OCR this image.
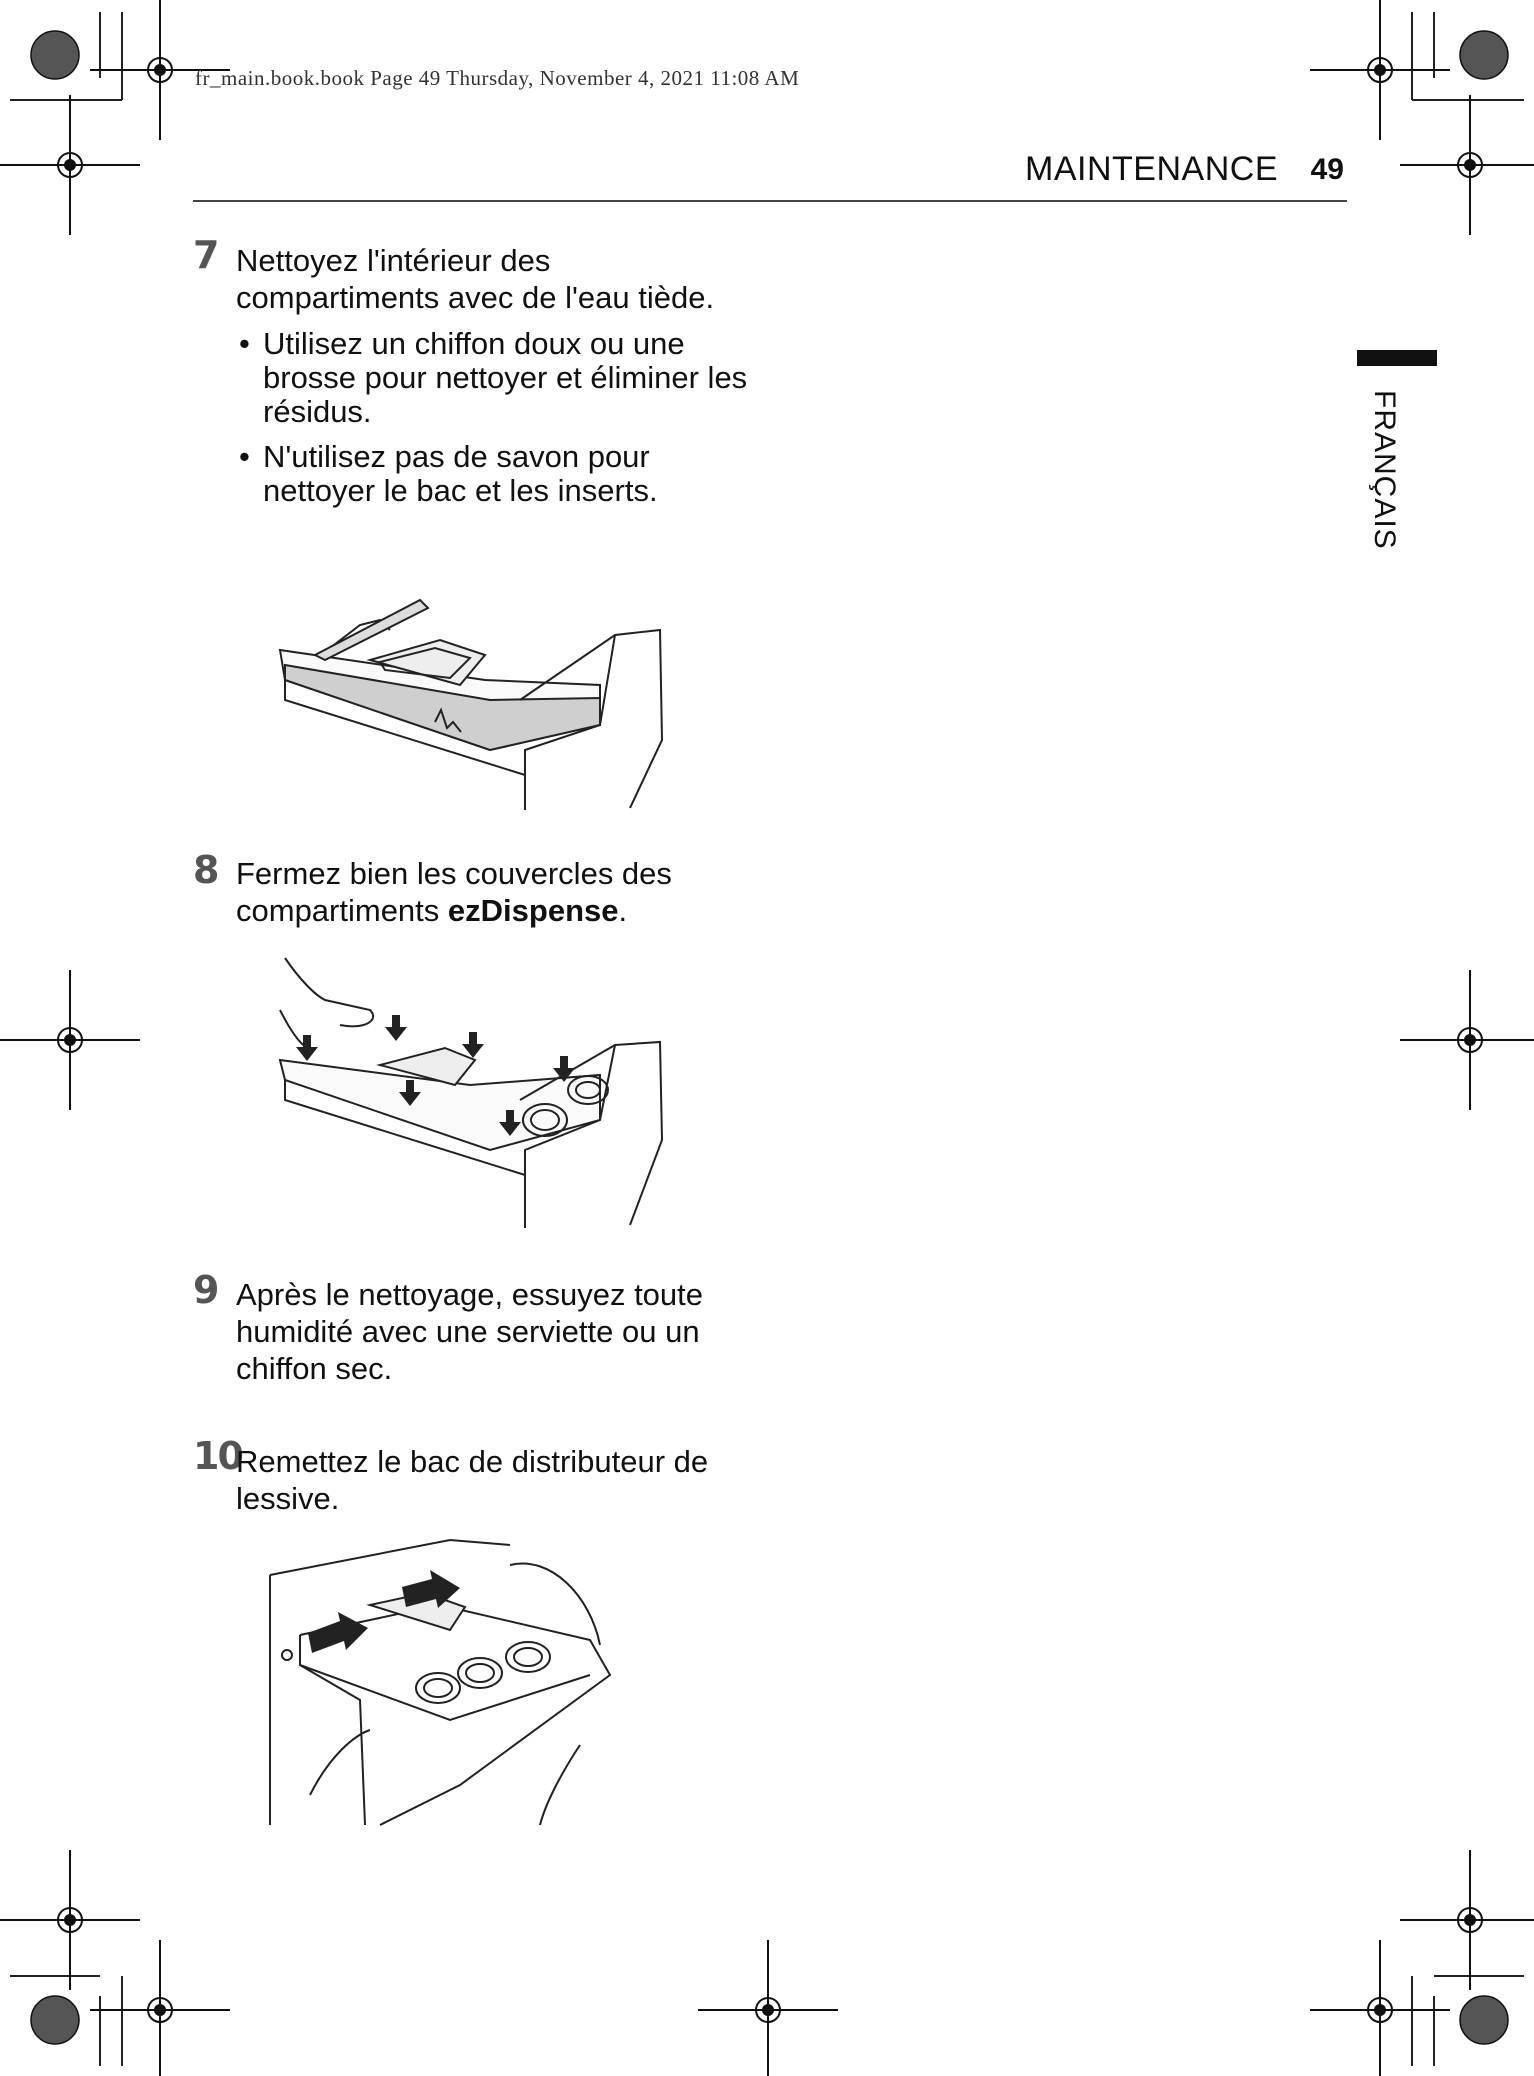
fr_main.book.book Page 49 Thursday, November 4, 2021 11:08 AM
MAINTENANCE 49
FRANÇAIS
7 Nettoyez l'intérieur des
compartiments avec de l'eau tiède.
• Utilisez un chiffon doux ou une
brosse pour nettoyer et éliminer les
résidus.
• N'utilisez pas de savon pour
nettoyer le bac et les inserts.
8 Fermez bien les couvercles des
compartiments ezDispense.
9 Après le nettoyage, essuyez toute
humidité avec une serviette ou un
chiffon sec.
10
Remettez le bac de distributeur de
lessive.
